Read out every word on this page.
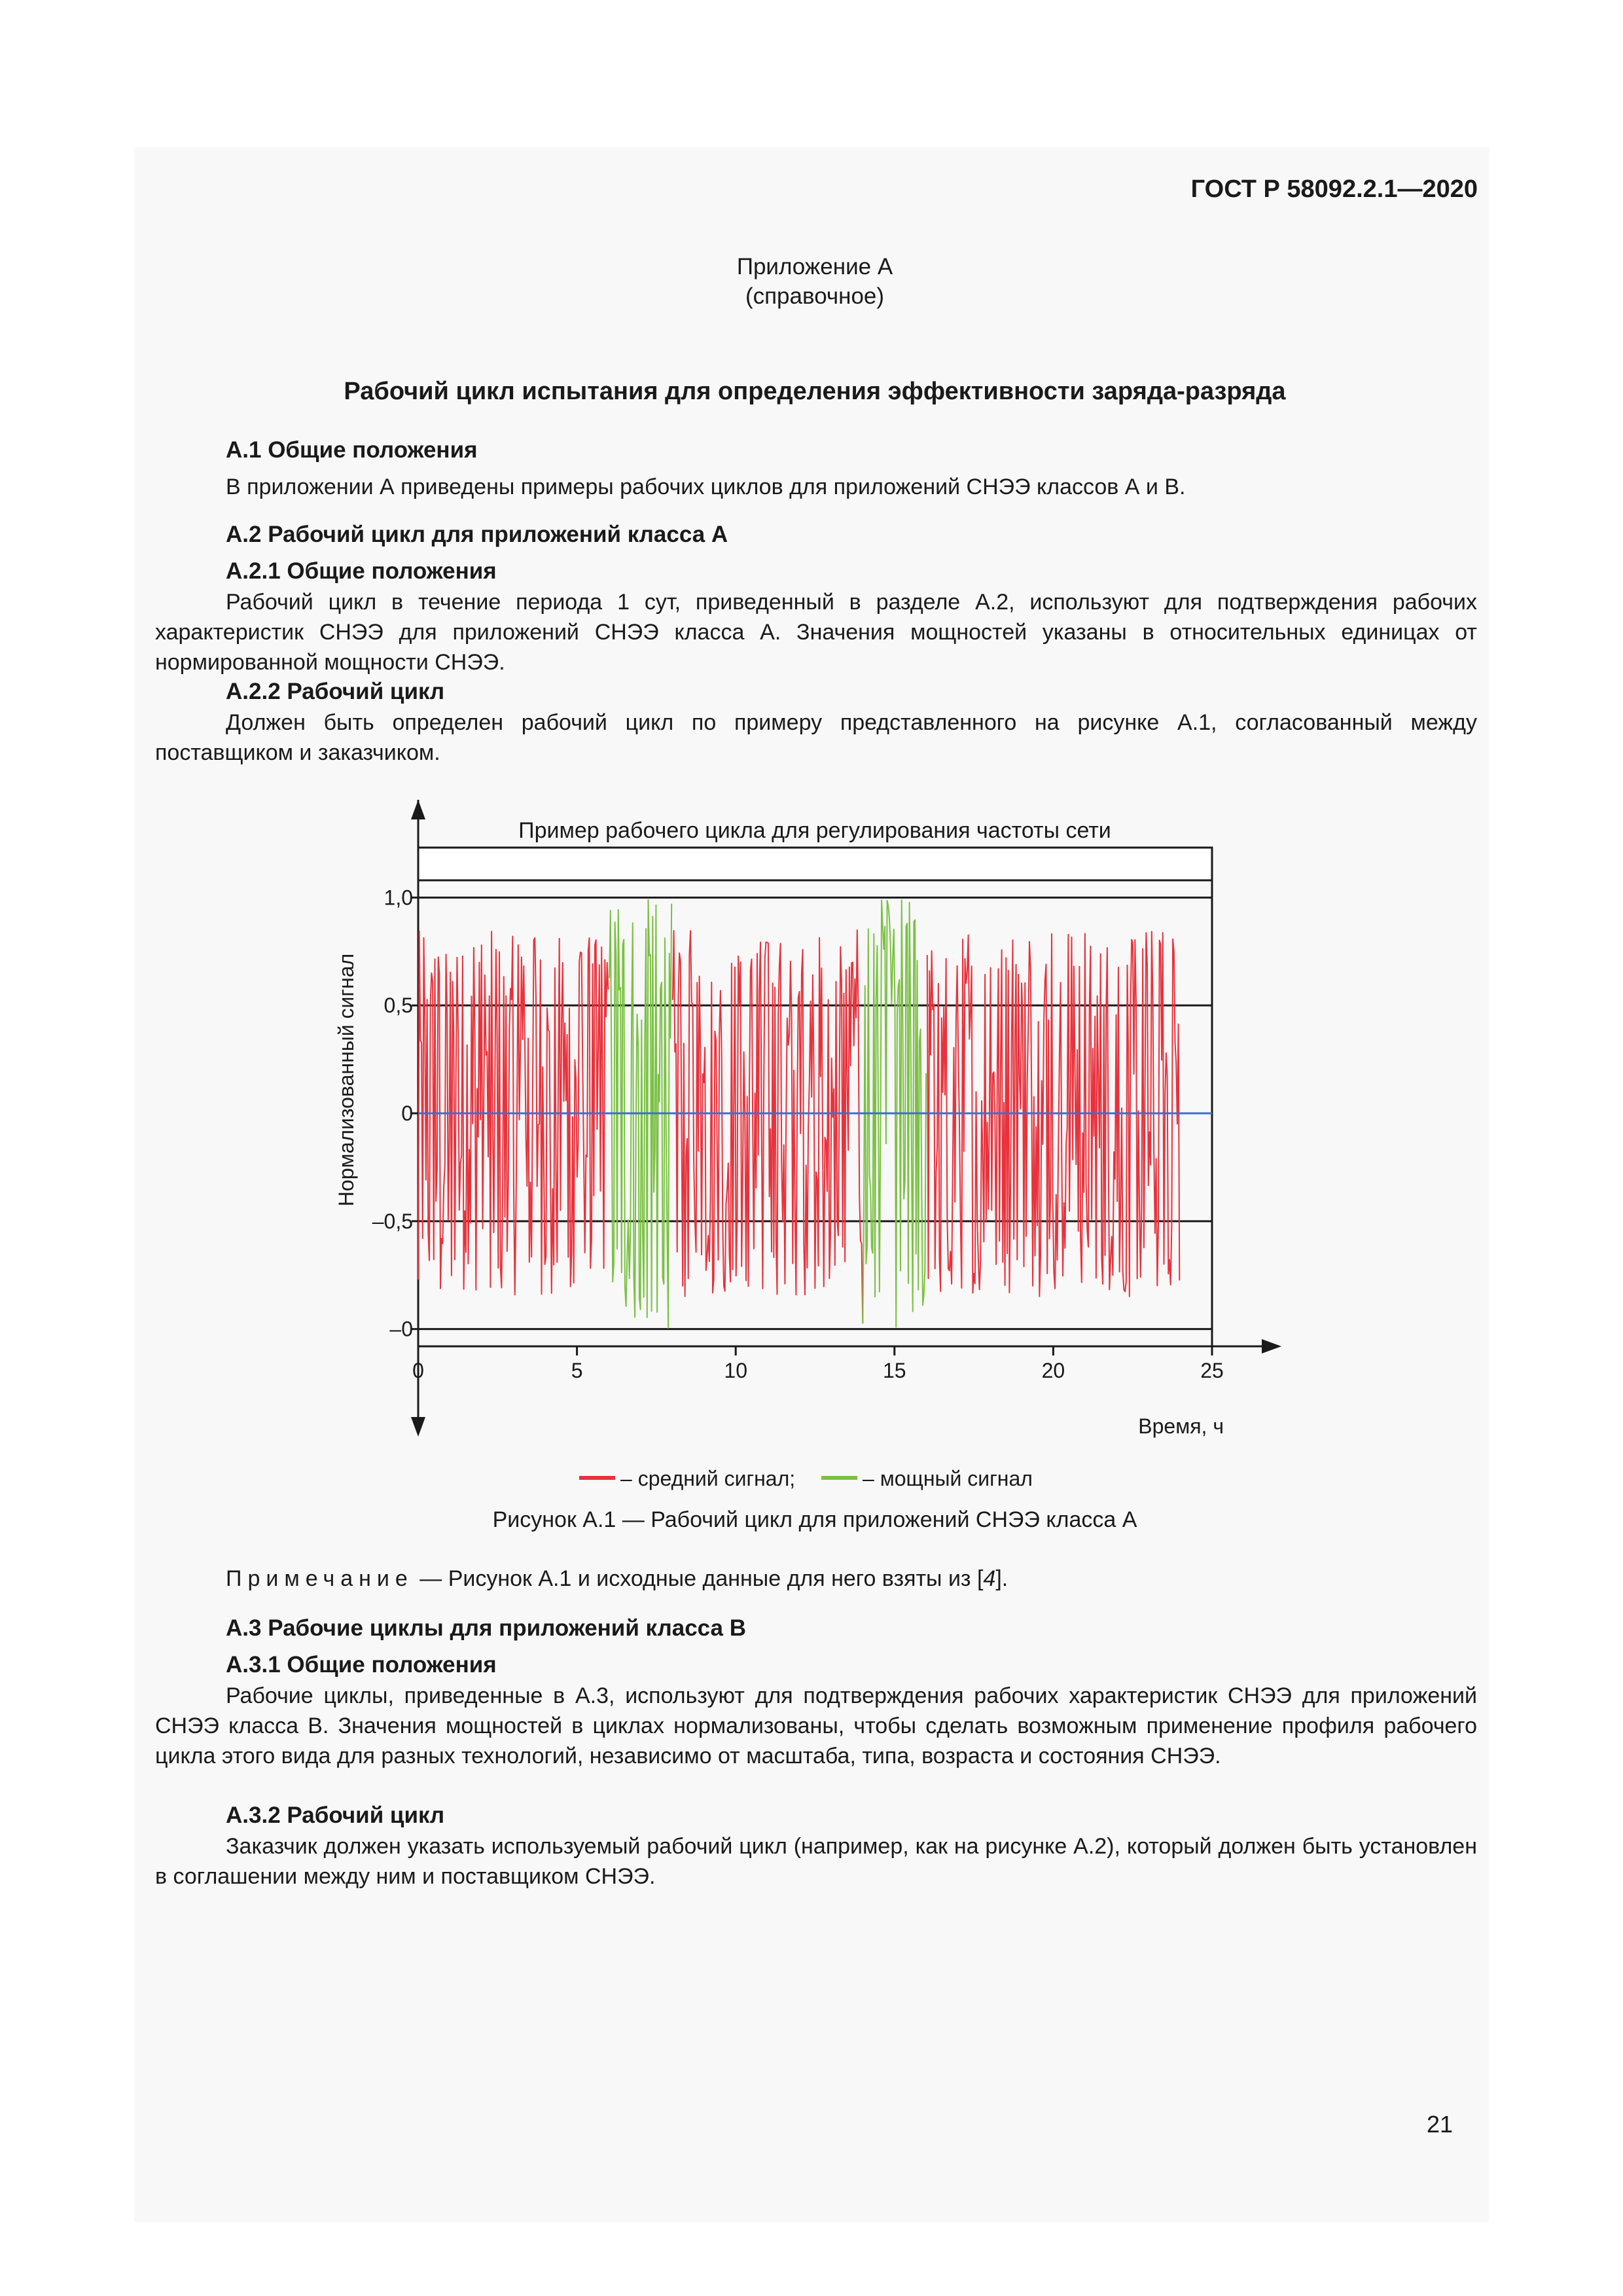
ГОСТ Р 58092.2.1—2020
Приложение А
(справочное)
Рабочий цикл испытания для определения эффективности заряда-разряда
А.1 Общие положения
В приложении А приведены примеры рабочих циклов для приложений СНЭЭ классов А и В.
А.2 Рабочий цикл для приложений класса А
А.2.1 Общие положения
Рабочий цикл в течение периода 1 сут, приведенный в разделе А.2, используют для подтверждения рабочих характеристик СНЭЭ для приложений СНЭЭ класса А. Значения мощностей указаны в относительных единицах от нормированной мощности СНЭЭ.
А.2.2 Рабочий цикл
Должен быть определен рабочий цикл по примеру представленного на рисунке А.1, согласованный между поставщиком и заказчиком.
Пример рабочего цикла для регулирования частоты сети
Нормализованный сигнал
Время, ч
1,0
0,5
0
–0,5
–0
0	5	10	15	20	25
– средний сигнал;	– мощный сигнал
Рисунок А.1 — Рабочий цикл для приложений СНЭЭ класса А
Примечание — Рисунок А.1 и исходные данные для него взяты из [4].
А.3 Рабочие циклы для приложений класса В
А.3.1 Общие положения
Рабочие циклы, приведенные в А.3, используют для подтверждения рабочих характеристик СНЭЭ для приложений СНЭЭ класса В. Значения мощностей в циклах нормализованы, чтобы сделать возможным применение профиля рабочего цикла этого вида для разных технологий, независимо от масштаба, типа, возраста и состояния СНЭЭ.
А.3.2 Рабочий цикл
Заказчик должен указать используемый рабочий цикл (например, как на рисунке А.2), который должен быть установлен в соглашении между ним и поставщиком СНЭЭ.
21
